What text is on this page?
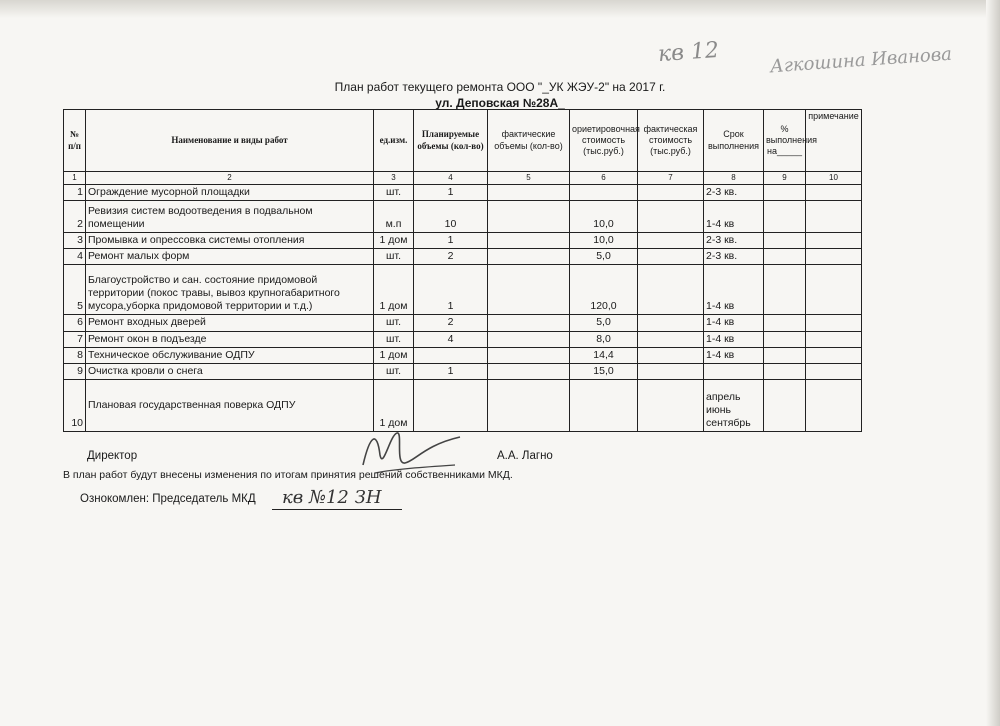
кв 12	Агкошина Иванова
План работ текущего ремонта ООО "_УК ЖЭУ-2" на 2017 г.
ул. Деповская №28А_
№ п/п	Наименование и виды работ	ед.изм.	Планируемые объемы (кол-во)	фактические объемы (кол-во)	ориетировочная стоимость (тыс.руб.)	фактическая стоимость (тыс.руб.)	Срок выполнения	% выполнения на_____	примечание
1	2	3	4	5	6	7	8	9	10
1	Ограждение мусорной площадки	шт.	1				2-3 кв.		
2	Ревизия систем водоотведения в подвальном помещении	м.п	10		10,0		1-4 кв		
3	Промывка и опрессовка системы отопления	1 дом	1		10,0		2-3 кв.		
4	Ремонт малых форм	шт.	2		5,0		2-3 кв.		
5	Благоустройство и сан. состояние придомовой территории (покос травы, вывоз крупногабаритного мусора,уборка придомовой территории и т.д.)	1 дом	1		120,0		1-4 кв		
6	Ремонт входных дверей	шт.	2		5,0		1-4 кв		
7	Ремонт окон в подъезде	шт.	4		8,0		1-4 кв		
8	Техническое обслуживание ОДПУ	1 дом			14,4		1-4 кв		
9	Очистка кровли о снега	шт.	1		15,0				
10	Плановая государственная поверка ОДПУ	1 дом					апрель июнь сентябрь		
Директор	А.А. Лагно
В план работ будут внесены изменения по итогам принятия решений собственниками МКД.
Ознокомлен: Председатель МКД кв №12 ЗН
